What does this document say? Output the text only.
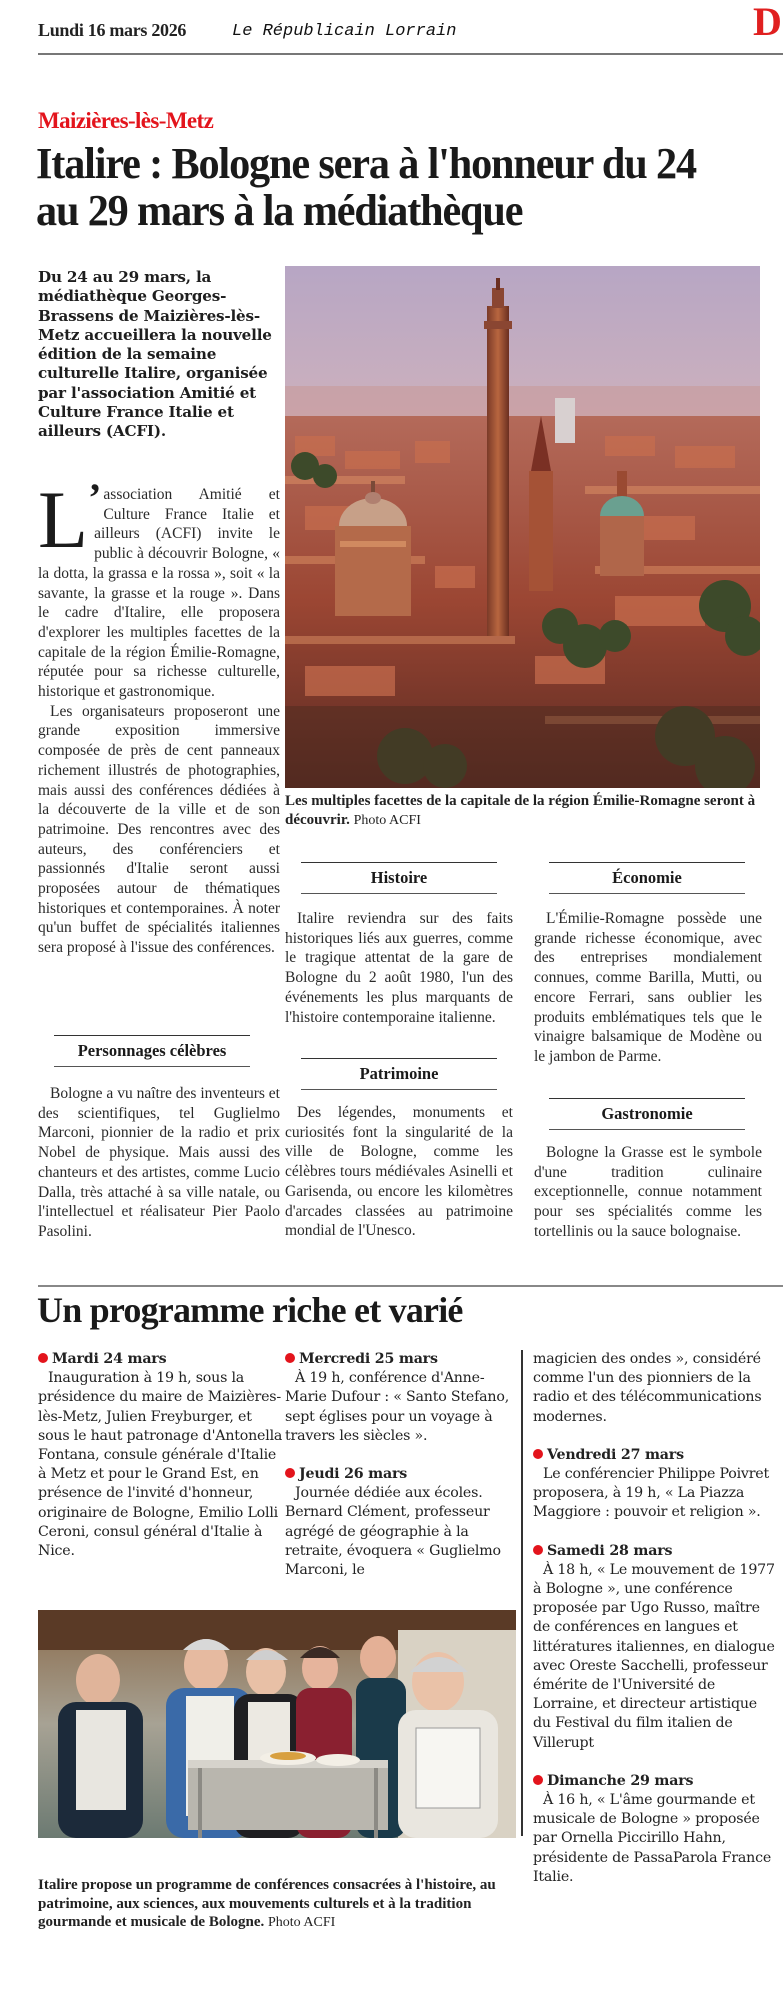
Lundi 16 mars 2026	Le Républicain Lorrain	D
Maizières-lès-Metz
Italire : Bologne sera à l'honneur du 24 au 29 mars à la médiathèque

Du 24 au 29 mars, la médiathèque Georges-Brassens de Maizières-lès-Metz accueillera la nouvelle édition de la semaine culturelle Italire, organisée par l'association Amitié et Culture France Italie et ailleurs (ACFI).

L ’ association Amitié et Culture France Italie et ailleurs (ACFI) invite le public à découvrir Bologne, « la dotta, la grassa e la rossa », soit « la savante, la grasse et la rouge ». Dans le cadre d'Italire, elle proposera d'explorer les multiples facettes de la capitale de la région Émilie-Romagne, réputée pour sa richesse culturelle, historique et gastronomique.
Les organisateurs proposeront une grande exposition immersive composée de près de cent panneaux richement illustrés de photographies, mais aussi des conférences dédiées à la découverte de la ville et de son patrimoine. Des rencontres avec des auteurs, des conférenciers et passionnés d'Italie seront aussi proposées autour de thématiques historiques et contemporaines. À noter qu'un buffet de spécialités italiennes sera proposé à l'issue des conférences.
Les multiples facettes de la capitale de la région Émilie-Romagne seront à découvrir. Photo ACFI
Personnages célèbres

Bologne a vu naître des inventeurs et des scientifiques, tel Guglielmo Marconi, pionnier de la radio et prix Nobel de physique. Mais aussi des chanteurs et des artistes, comme Lucio Dalla, très attaché à sa ville natale, ou l'intellectuel et réalisateur Pier Paolo Pasolini.

Histoire

Italire reviendra sur des faits historiques liés aux guerres, comme le tragique attentat de la gare de Bologne du 2 août 1980, l'un des événements les plus marquants de l'histoire contemporaine italienne.

Patrimoine

Des légendes, monuments et curiosités font la singularité de la ville de Bologne, comme les célèbres tours médiévales Asinelli et Garisenda, ou encore les kilomètres d'arcades classées au patrimoine mondial de l'Unesco.

Économie

L'Émilie-Romagne possède une grande richesse économique, avec des entreprises mondialement connues, comme Barilla, Mutti, ou encore Ferrari, sans oublier les produits emblématiques tels que le vinaigre balsamique de Modène ou le jambon de Parme.

Gastronomie

Bologne la Grasse est le symbole d'une tradition culinaire exceptionnelle, connue notamment pour ses spécialités comme les tortellinis ou la sauce bolognaise.

Un programme riche et varié
Mardi 24 mars
Inauguration à 19 h, sous la présidence du maire de Maizières-lès-Metz, Julien Freyburger, et sous le haut patronage d'Antonella Fontana, consule générale d'Italie à Metz et pour le Grand Est, en présence de l'invité d'honneur, originaire de Bologne, Emilio Lolli Ceroni, consul général d'Italie à Nice.
Mercredi 25 mars
À 19 h, conférence d'Anne-Marie Dufour : « Santo Stefano, sept églises pour un voyage à travers les siècles ».
Jeudi 26 mars
Journée dédiée aux écoles. Bernard Clément, professeur agrégé de géographie à la retraite, évoquera « Guglielmo Marconi, le
magicien des ondes », considéré comme l'un des pionniers de la radio et des télécommunications modernes.
Vendredi 27 mars
Le conférencier Philippe Poivret proposera, à 19 h, « La Piazza Maggiore : pouvoir et religion ».
Samedi 28 mars
À 18 h, « Le mouvement de 1977 à Bologne », une conférence proposée par Ugo Russo, maître de conférences en langues et littératures italiennes, en dialogue avec Oreste Sacchelli, professeur émérite de l'Université de Lorraine, et directeur artistique du Festival du film italien de Villerupt
Dimanche 29 mars
À 16 h, « L'âme gourmande et musicale de Bologne » proposée par Ornella Piccirillo Hahn, présidente de PassaParola France Italie.
Italire propose un programme de conférences consacrées à l'histoire, au patrimoine, aux sciences, aux mouvements culturels et à la tradition gourmande et musicale de Bologne. Photo ACFI
